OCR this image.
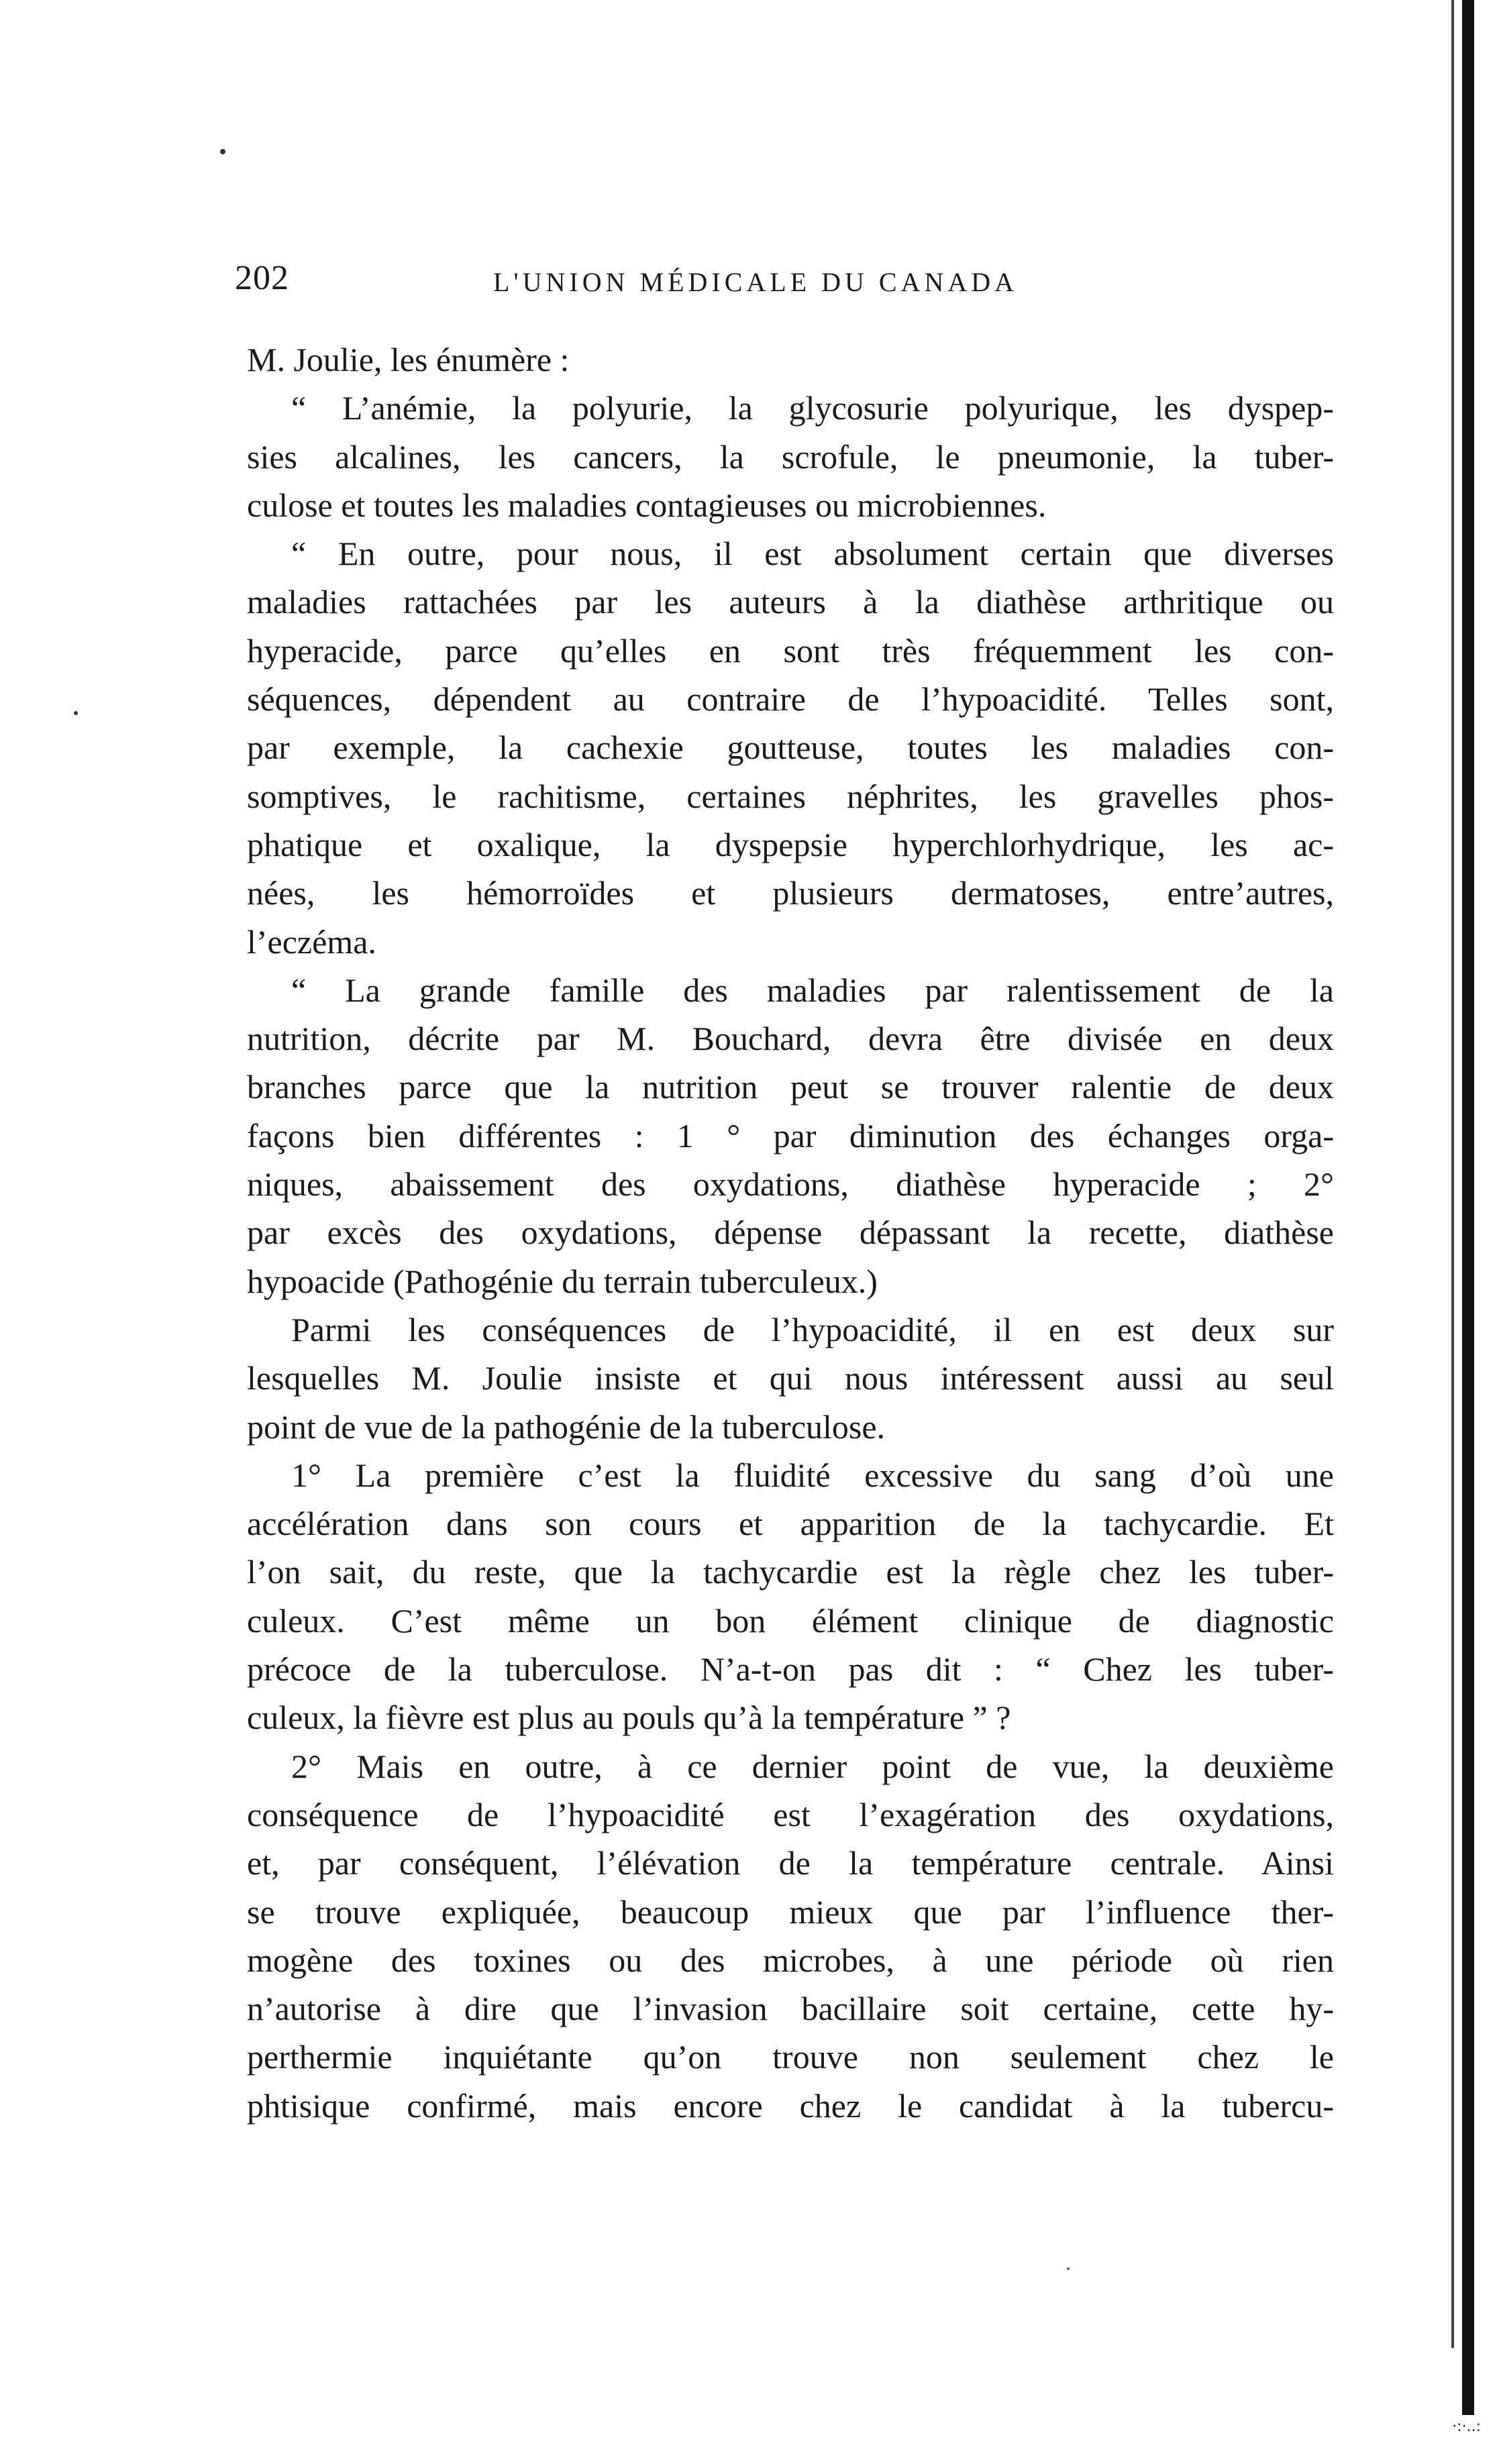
202	L'UNION MÉDICALE DU CANADA
M. Joulie, les énumère :
“ L’anémie, la polyurie, la glycosurie polyurique, les dyspep-
sies alcalines, les cancers, la scrofule, le pneumonie, la tuber-
culose et toutes les maladies contagieuses ou microbiennes.
“ En outre, pour nous, il est absolument certain que diverses
maladies rattachées par les auteurs à la diathèse arthritique ou
hyperacide, parce qu’elles en sont très fréquemment les con-
séquences, dépendent au contraire de l’hypoacidité. Telles sont,
par exemple, la cachexie goutteuse, toutes les maladies con-
somptives, le rachitisme, certaines néphrites, les gravelles phos-
phatique et oxalique, la dyspepsie hyperchlorhydrique, les ac-
nées, les hémorroïdes et plusieurs dermatoses, entre’autres,
l’eczéma.
“ La grande famille des maladies par ralentissement de la
nutrition, décrite par M. Bouchard, devra être divisée en deux
branches parce que la nutrition peut se trouver ralentie de deux
façons bien différentes : 1 ° par diminution des échanges orga-
niques, abaissement des oxydations, diathèse hyperacide ; 2°
par excès des oxydations, dépense dépassant la recette, diathèse
hypoacide (Pathogénie du terrain tuberculeux.)
Parmi les conséquences de l’hypoacidité, il en est deux sur
lesquelles M. Joulie insiste et qui nous intéressent aussi au seul
point de vue de la pathogénie de la tuberculose.
1° La première c’est la fluidité excessive du sang d’où une
accélération dans son cours et apparition de la tachycardie. Et
l’on sait, du reste, que la tachycardie est la règle chez les tuber-
culeux. C’est même un bon élément clinique de diagnostic
précoce de la tuberculose. N’a-t-on pas dit : “ Chez les tuber-
culeux, la fièvre est plus au pouls qu’à la température ” ?
2° Mais en outre, à ce dernier point de vue, la deuxième
conséquence de l’hypoacidité est l’exagération des oxydations,
et, par conséquent, l’élévation de la température centrale. Ainsi
se trouve expliquée, beaucoup mieux que par l’influence ther-
mogène des toxines ou des microbes, à une période où rien
n’autorise à dire que l’invasion bacillaire soit certaine, cette hy-
perthermie inquiétante qu’on trouve non seulement chez le
phtisique confirmé, mais encore chez le candidat à la tubercu-
·:·..:
